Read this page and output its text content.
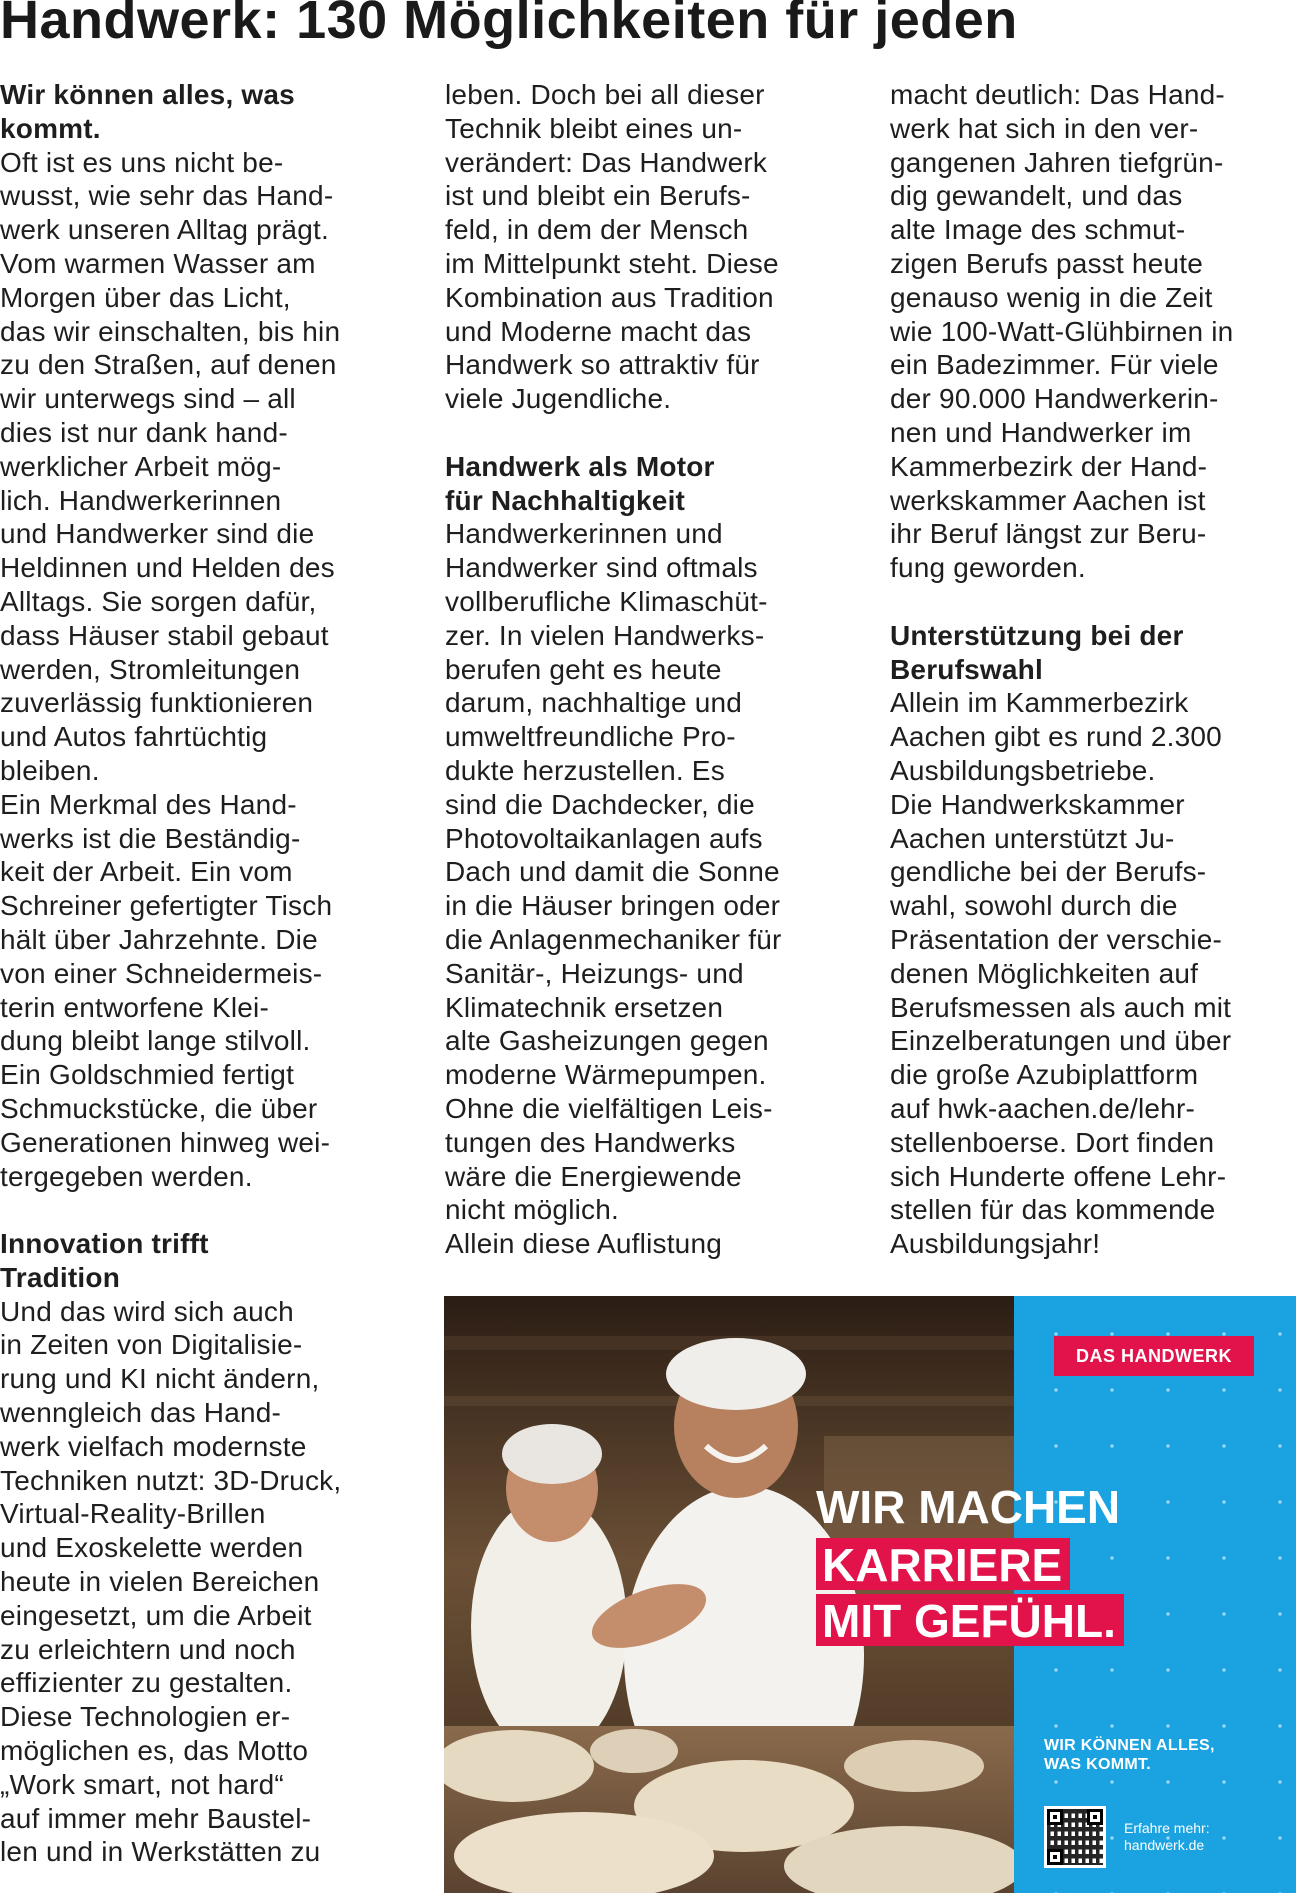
Handwerk: 130 Möglichkeiten für jeden
Wir können alles, was
kommt.

Oft ist es uns nicht be-
wusst, wie sehr das Hand-
werk unseren Alltag prägt.
Vom warmen Wasser am
Morgen über das Licht,
das wir einschalten, bis hin
zu den Straßen, auf denen
wir unterwegs sind – all
dies ist nur dank hand-
werklicher Arbeit mög-
lich. Handwerkerinnen
und Handwerker sind die
Heldinnen und Helden des
Alltags. Sie sorgen dafür,
dass Häuser stabil gebaut
werden, Stromleitungen
zuverlässig funktionieren
und Autos fahrtüchtig
bleiben.
Ein Merkmal des Hand-
werks ist die Beständig-
keit der Arbeit. Ein vom
Schreiner gefertigter Tisch
hält über Jahrzehnte. Die
von einer Schneidermeis-
terin entworfene Klei-
dung bleibt lange stilvoll.
Ein Goldschmied fertigt
Schmuckstücke, die über
Generationen hinweg wei-
tergegeben werden.

Innovation trifft
Tradition

Und das wird sich auch
in Zeiten von Digitalisie-
rung und KI nicht ändern,
wenngleich das Hand-
werk vielfach modernste
Techniken nutzt: 3D-Druck,
Virtual-Reality-Brillen
und Exoskelette werden
heute in vielen Bereichen
eingesetzt, um die Arbeit
zu erleichtern und noch
effizienter zu gestalten.
Diese Technologien er-
möglichen es, das Motto
„Work smart, not hard“
auf immer mehr Baustel-
len und in Werkstätten zu

leben. Doch bei all dieser
Technik bleibt eines un-
verändert: Das Handwerk
ist und bleibt ein Berufs-
feld, in dem der Mensch
im Mittelpunkt steht. Diese
Kombination aus Tradition
und Moderne macht das
Handwerk so attraktiv für
viele Jugendliche.

Handwerk als Motor
für Nachhaltigkeit

Handwerkerinnen und
Handwerker sind oftmals
vollberufliche Klimaschüt-
zer. In vielen Handwerks-
berufen geht es heute
darum, nachhaltige und
umweltfreundliche Pro-
dukte herzustellen. Es
sind die Dachdecker, die
Photovoltaikanlagen aufs
Dach und damit die Sonne
in die Häuser bringen oder
die Anlagenmechaniker für
Sanitär-, Heizungs- und
Klimatechnik ersetzen
alte Gasheizungen gegen
moderne Wärmepumpen.
Ohne die vielfältigen Leis-
tungen des Handwerks
wäre die Energiewende
nicht möglich.
Allein diese Auflistung

macht deutlich: Das Hand-
werk hat sich in den ver-
gangenen Jahren tiefgrün-
dig gewandelt, und das
alte Image des schmut-
zigen Berufs passt heute
genauso wenig in die Zeit
wie 100-Watt-Glühbirnen in
ein Badezimmer. Für viele
der 90.000 Handwerkerin-
nen und Handwerker im
Kammerbezirk der Hand-
werkskammer Aachen ist
ihr Beruf längst zur Beru-
fung geworden.

Unterstützung bei der
Berufswahl

Allein im Kammerbezirk
Aachen gibt es rund 2.300
Ausbildungsbetriebe.
Die Handwerkskammer
Aachen unterstützt Ju-
gendliche bei der Berufs-
wahl, sowohl durch die
Präsentation der verschie-
denen Möglichkeiten auf
Berufsmessen als auch mit
Einzelberatungen und über
die große Azubiplattform
auf hwk-aachen.de/lehr-
stellenboerse. Dort finden
sich Hunderte offene Lehr-
stellen für das kommende
Ausbildungsjahr!

DAS HANDWERK
WIR MACHEN
KARRIERE
MIT GEFÜHL.
WIR KÖNNEN ALLES,
WAS KOMMT.
Erfahre mehr:
handwerk.de
